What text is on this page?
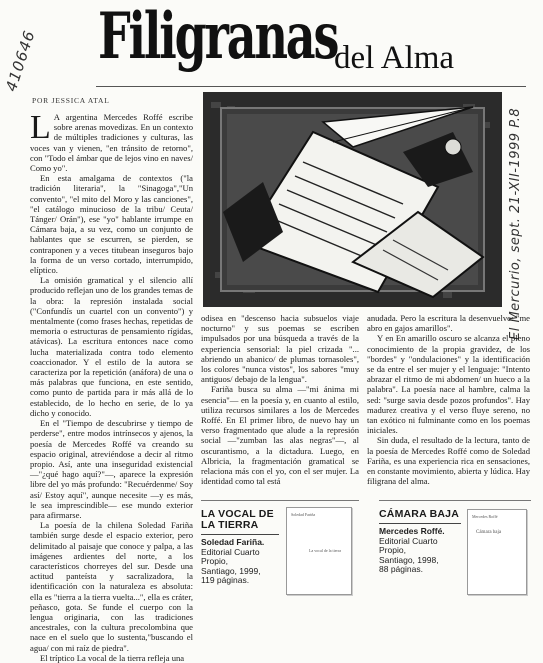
410646
El Mercurio, sept. 21-XII-1999 P.8
Filigranas
del Alma
POR JESSICA ATAL

L A argentina Mercedes Roffé escribe sobre arenas movedizas. En un contexto de múltiples tradiciones y culturas, las voces van y vienen, "en tránsito de retorno", con "Todo el ámbar que de lejos vino en naves/ Como yo".

En esta amalgama de contextos ("la tradición literaria", la "Sinagoga","Un convento", "el mito del Moro y las canciones", "el catálogo minucioso de la tribu/ Ceuta/ Tánger/ Orán"), ese "yo" hablante irrumpe en Cámara baja, a su vez, como un conjunto de hablantes que se escurren, se pierden, se contraponen y a veces titubean inseguros bajo la forma de un verso cortado, interrumpido, elíptico.

La omisión gramatical y el silencio allí producido reflejan uno de los grandes temas de la obra: la represión instalada social ("Confundís un cuartel con un convento") y mentalmente (como frases hechas, repetidas de memoria o estructuras de pensamiento rígidas, atávicas). La escritura entonces nace como lucha materializada contra todo elemento coaccionador. Y el estilo de la autora se caracteriza por la repetición (anáfora) de una o más palabras que funciona, en este sentido, como punto de partida para ir más allá de lo establecido, de lo hecho en serie, de lo ya dicho y conocido.

En el "Tiempo de descubrirse y tiempo de perderse", entre modos intrínsecos y ajenos, la poesía de Mercedes Roffé va creando su espacio original, atreviéndose a decir al ritmo propio. Así, ante una inseguridad existencial —"¿qué hago aquí?"—, aparece la expresión libre del yo más profundo: "Recuérdenme/ Soy así/ Estoy aquí", aunque necesite —y es más, le sea imprescindible— ese mundo exterior para afirmarse.

La poesía de la chilena Soledad Fariña también surge desde el espacio exterior, pero delimitado al paisaje que conoce y palpa, a las imágenes ardientes del norte, a los característicos chorreyes del sur. Desde una actitud panteísta y sacralizadora, la identificación con la naturaleza es absoluta: ella es "tierra a la tierra vuelta...", ella es cráter, peñasco, gota. Se funde el cuerpo con la lengua originaria, con las tradiciones ancestrales, con la cultura precolombina que nace en el suelo que lo sustenta,"buscando el agua/ con mi raíz de piedra".

El tríptico La vocal de la tierra refleja una

odisea en "descenso hacia subsuelos viaje nocturno" y sus poemas se escriben impulsados por una búsqueda a través de la experiencia sensorial: la piel crizada "... abriendo un abanico/ de plumas tornasoles", los colores "nunca vistos", los sabores "muy antiguos/ debajo de la lengua".

Fariña busca su alma —"mi ánima mi esencia"— en la poesía y, en cuanto al estilo, utiliza recursos similares a los de Mercedes Roffé. En El primer libro, de nuevo hay un verso fragmentado que alude a la represión social —"zumban las alas negras"—, al oscurantismo, a la dictadura. Luego, en Albricia, la fragmentación gramatical se relaciona más con el yo, con el ser mujer. La identidad como tal está

anudada. Pero la escritura la desenvuelve: "me abro en gajos amarillos".

Y en En amarillo oscuro se alcanza el pleno conocimiento de la propia gravidez, de los "bordes" y "ondulaciones" y la identificación se da entre el ser mujer y el lenguaje: "Intento abrazar el ritmo de mi abdomen/ un hueco a la palabra". La poesía nace al hambre, calma la sed: "surge savia desde pozos profundos". Hay madurez creativa y el verso fluye sereno, no tan exótico ni fulminante como en los poemas iniciales.

Sin duda, el resultado de la lectura, tanto de la poesía de Mercedes Roffé como de Soledad Fariña, es una experiencia rica en sensaciones, en constante movimiento, abierta y lúdica. Hay filigrana del alma.

LA VOCAL DE
LA TIERRA
Soledad Fariña.
Editorial Cuarto Propio,
Santiago, 1999,
119 páginas.
Soledad Fariña
La vocal de la tierra
CÁMARA BAJA
Mercedes Roffé.
Editorial Cuarto Propio,
Santiago, 1998,
88 páginas.
Mercedes Roffé
Cámara baja
